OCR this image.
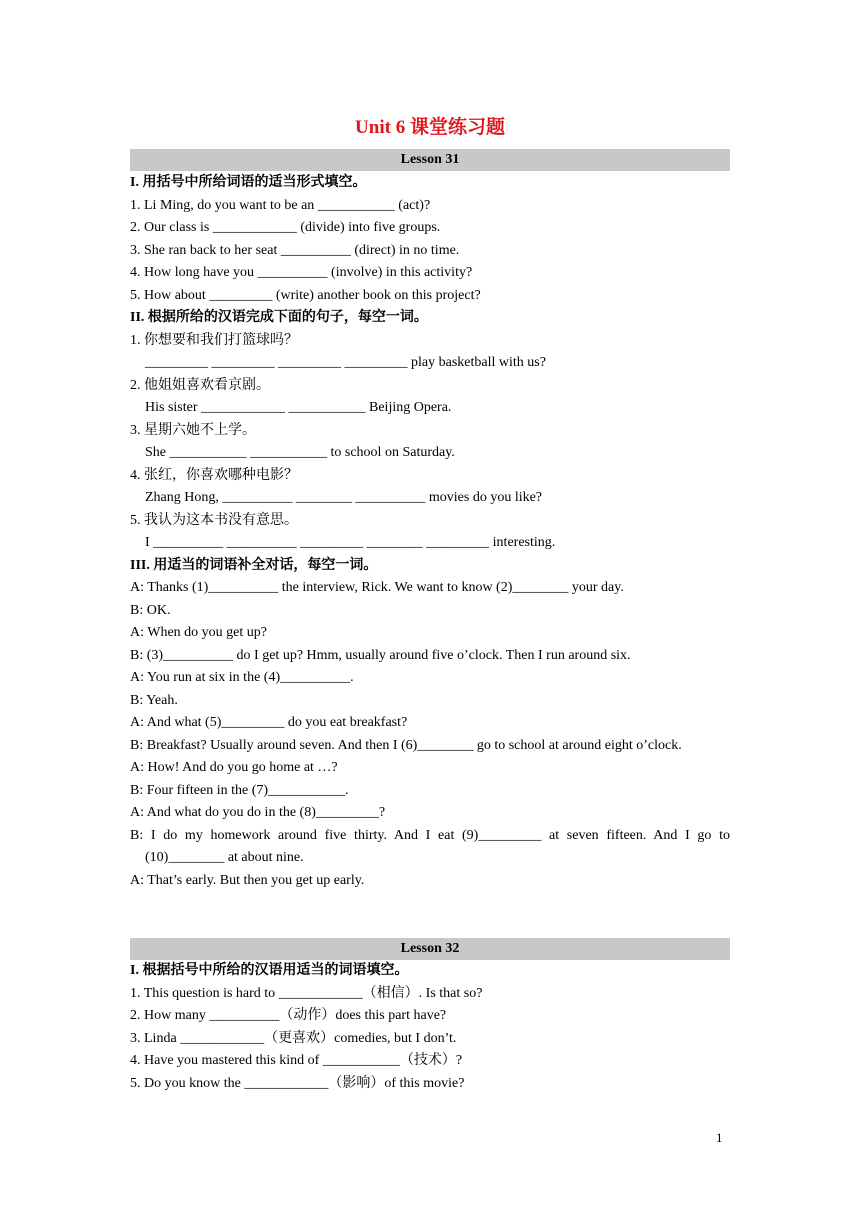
Unit 6 课堂练习题
Lesson 31
I. 用括号中所给词语的适当形式填空。
1. Li Ming, do you want to be an ___________ (act)?
2. Our class is ____________ (divide) into five groups.
3. She ran back to her seat __________ (direct) in no time.
4. How long have you __________ (involve) in this activity?
5. How about _________ (write) another book on this project?
II. 根据所给的汉语完成下面的句子，每空一词。
1. 你想要和我们打篮球吗？
_________ _________ _________ _________ play basketball with us?
2. 他姐姐喜欢看京剧。
His sister ____________ ___________ Beijing Opera.
3. 星期六她不上学。
She ___________ ___________ to school on Saturday.
4. 张红，你喜欢哪种电影？
Zhang Hong, __________ ________ __________ movies do you like?
5. 我认为这本书没有意思。
I __________ __________ _________ ________ _________ interesting.
III. 用适当的词语补全对话，每空一词。
A: Thanks (1)__________ the interview, Rick. We want to know (2)________ your day.
B: OK.
A: When do you get up?
B: (3)__________ do I get up? Hmm, usually around five o’clock. Then I run around six.
A: You run at six in the (4)__________.
B: Yeah.
A: And what (5)_________ do you eat breakfast?
B: Breakfast? Usually around seven. And then I (6)________ go to school at around eight o’clock.
A: How! And do you go home at …?
B: Four fifteen in the (7)___________.
A: And what do you do in the (8)_________?
B: I do my homework around five thirty. And I eat (9)_________ at seven fifteen. And I go to
(10)________ at about nine.
A: That’s early. But then you get up early.
Lesson 32
I. 根据括号中所给的汉语用适当的词语填空。
1. This question is hard to ____________（相信）. Is that so?
2. How many __________（动作）does this part have?
3. Linda ____________（更喜欢）comedies, but I don’t.
4. Have you mastered this kind of ___________（技术）?
5. Do you know the ____________（影响）of this movie?
1
